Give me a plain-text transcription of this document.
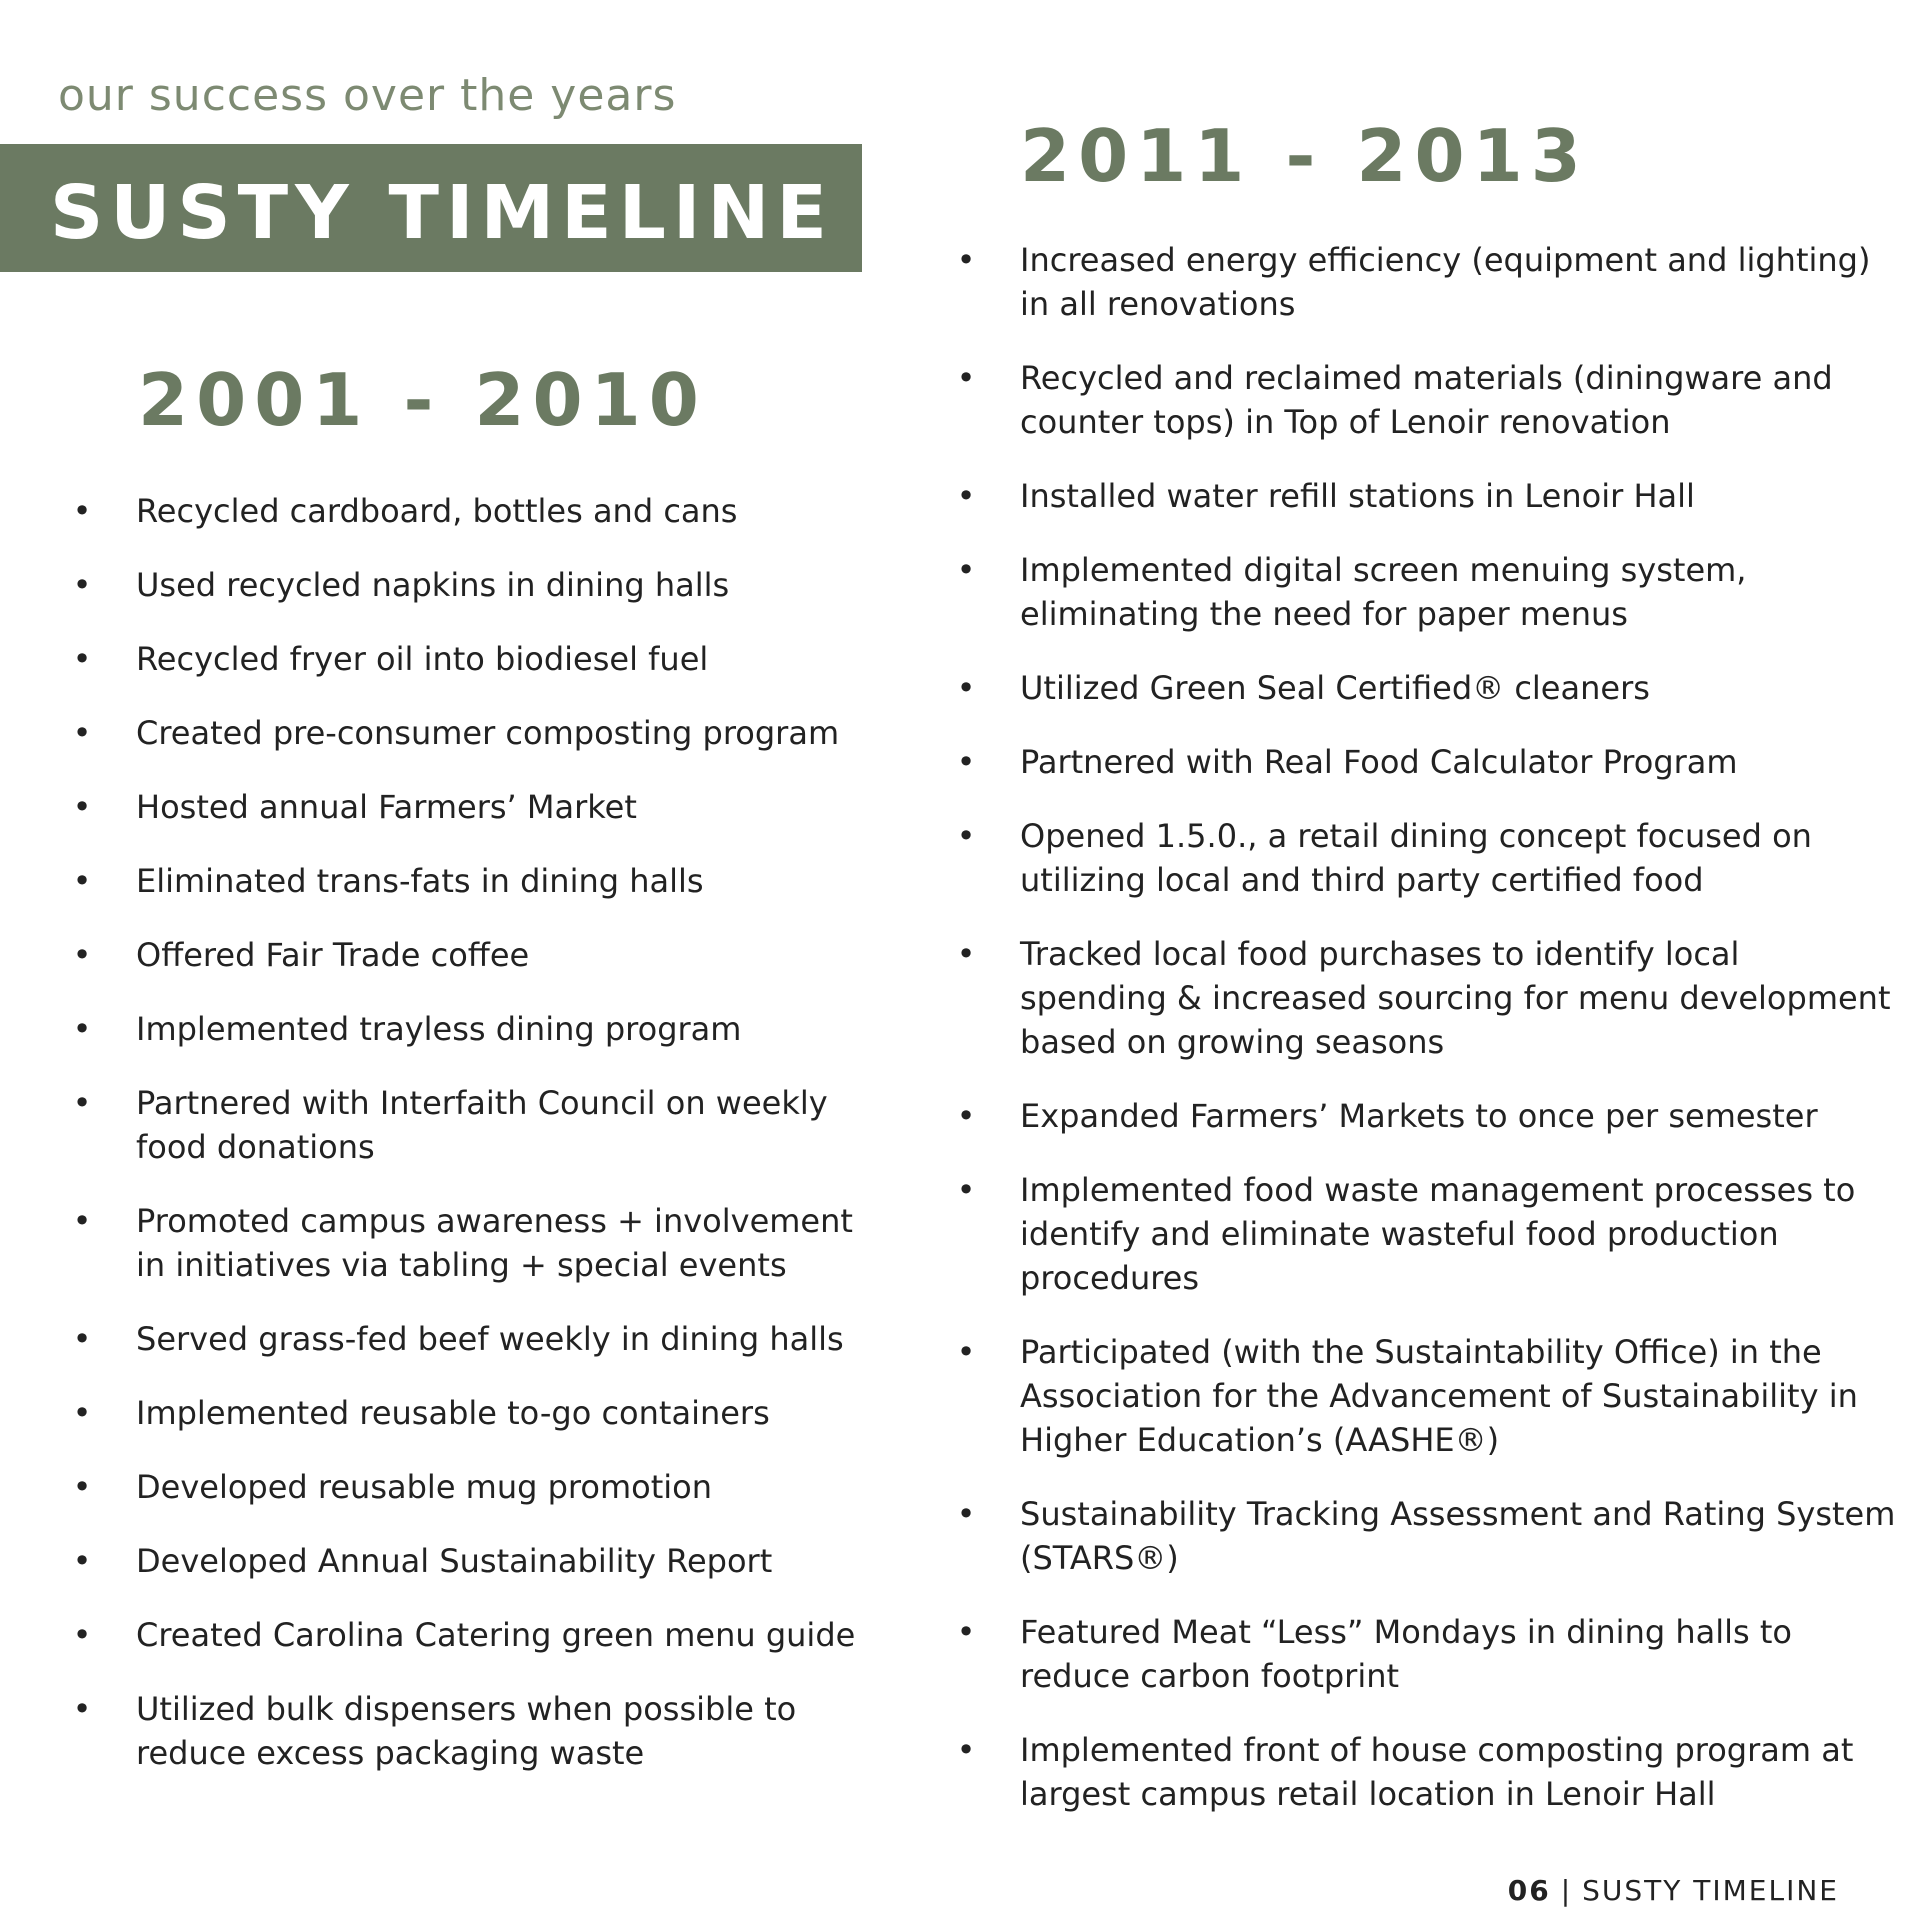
our success over the years
SUSTY TIMELINE
2001 - 2010
• Recycled cardboard, bottles and cans
• Used recycled napkins in dining halls
• Recycled fryer oil into biodiesel fuel
• Created pre-consumer composting program
• Hosted annual Farmers’ Market
• Eliminated trans-fats in dining halls
• Offered Fair Trade coffee
• Implemented trayless dining program
• Partnered with Interfaith Council on weekly food donations
• Promoted campus awareness + involvement in initiatives via tabling + special events
• Served grass-fed beef weekly in dining halls
• Implemented reusable to-go containers
• Developed reusable mug promotion
• Developed Annual Sustainability Report
• Created Carolina Catering green menu guide
• Utilized bulk dispensers when possible to reduce excess packaging waste
2011 - 2013
• Increased energy efficiency (equipment and lighting) in all renovations
• Recycled and reclaimed materials (diningware and counter tops) in Top of Lenoir renovation
• Installed water refill stations in Lenoir Hall
• Implemented digital screen menuing system, eliminating the need for paper menus
• Utilized Green Seal Certified® cleaners
• Partnered with Real Food Calculator Program
• Opened 1.5.0., a retail dining concept focused on utilizing local and third party certified food
• Tracked local food purchases to identify local spending & increased sourcing for menu development based on growing seasons
• Expanded Farmers’ Markets to once per semester
• Implemented food waste management processes to identify and eliminate wasteful food production procedures
• Participated (with the Sustaintability Office) in the Association for the Advancement of Sustainability in Higher Education’s (AASHE®)
• Sustainability Tracking Assessment and Rating System (STARS®)
• Featured Meat “Less” Mondays in dining halls to reduce carbon footprint
• Implemented front of house composting program at largest campus retail location in Lenoir Hall
06 | SUSTY TIMELINE
